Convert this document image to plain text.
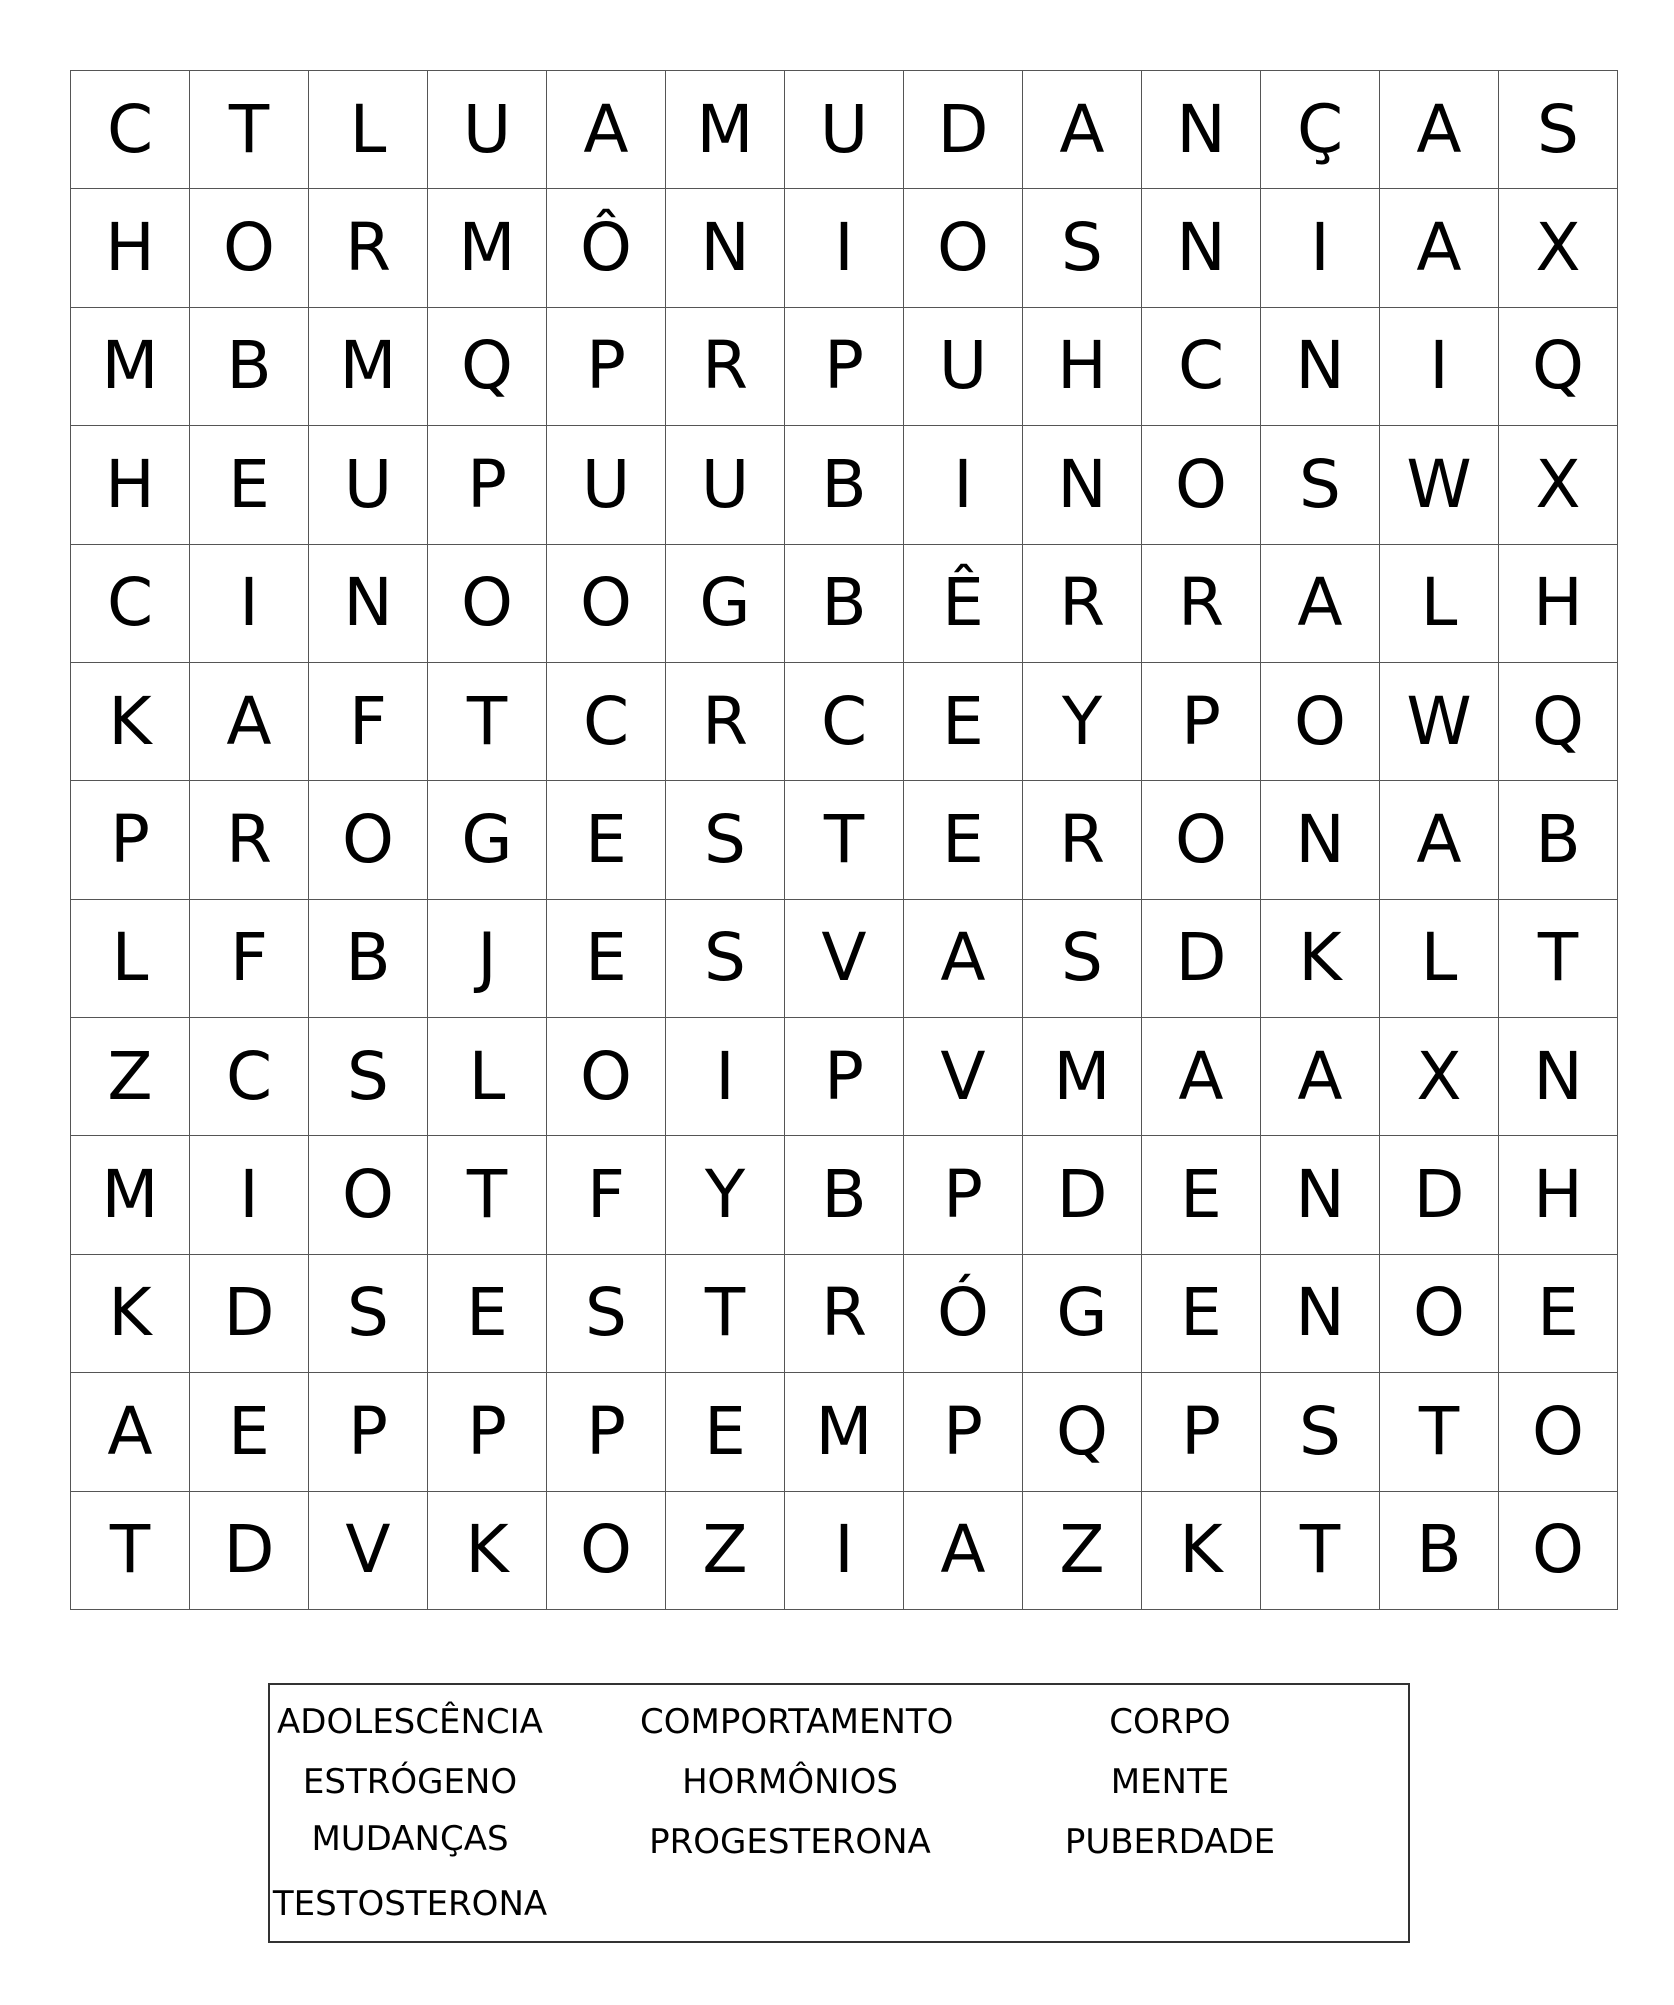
C	T	L	U	A	M	U	D	A	N	Ç	A	S
H	O	R	M	Ô	N	I	O	S	N	I	A	X
M	B	M	Q	P	R	P	U	H	C	N	I	Q
H	E	U	P	U	U	B	I	N	O	S	W	X
C	I	N	O	O	G	B	Ê	R	R	A	L	H
K	A	F	T	C	R	C	E	Y	P	O	W	Q
P	R	O	G	E	S	T	E	R	O	N	A	B
L	F	B	J	E	S	V	A	S	D	K	L	T
Z	C	S	L	O	I	P	V	M	A	A	X	N
M	I	O	T	F	Y	B	P	D	E	N	D	H
K	D	S	E	S	T	R	Ó	G	E	N	O	E
A	E	P	P	P	E	M	P	Q	P	S	T	O
T	D	V	K	O	Z	I	A	Z	K	T	B	O
ADOLESCÊNCIA	COMPORTAMENTO	CORPO
ESTRÓGENO	HORMÔNIOS	MENTE
MUDANÇAS	PROGESTERONA	PUBERDADE
TESTOSTERONA
